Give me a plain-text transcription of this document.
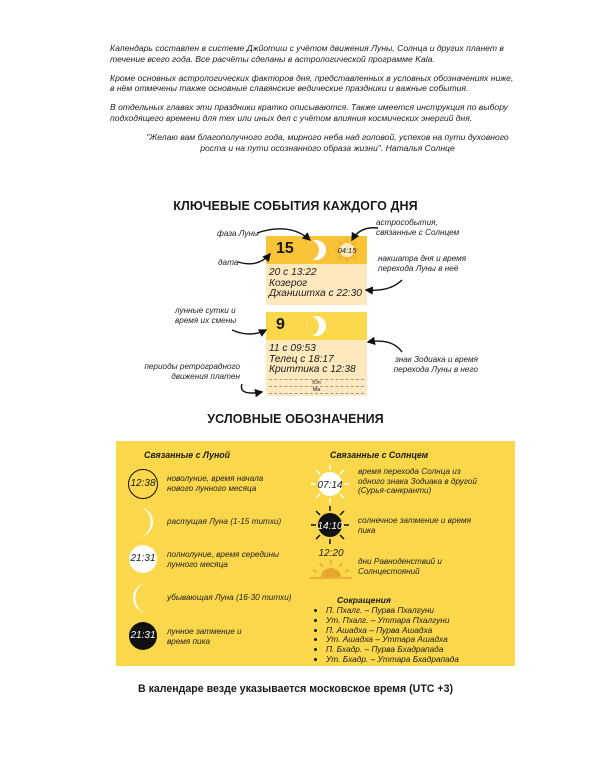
Календарь составлен в системе Джйотиш с учётом движения Луны, Солнца и других планет в течение всего года. Все расчёты сделаны в астрологической программе Kala.

Кроме основных астрологических факторов дня, представленных в условных обозначениях ниже, в нём отмечены также основные славянские ведические праздники и важные события.

В отдельных главах эти праздники кратко описываются. Также имеется инструкция по выбору подходящего времени для тех или иных дел с учётом влияния космических энергий дня.

"Желаю вам благополучного года, мирного неба над головой, успехов на пути духовного роста и на пути осознанного образа жизни". Наталья Солнце

КЛЮЧЕВЫЕ СОБЫТИЯ КАЖДОГО ДНЯ
фаза Луны
дата
лунные сутки и время их смены
периоды ретроградного движения платен
астрособытия, связанные с Солнцем
накшатра дня и время перехода Луны в неё
знак Зодиака и время перехода Луны в него
15	04:15
20 с 13:22
Козерог
Дхаништха с 22:30
9
11 с 09:53
Телец с 18:17
Криттика с 12:38
Юп
Ма
УСЛОВНЫЕ ОБОЗНАЧЕНИЯ
Связанные с Луной	Связанные с Солнцем
12:38	новолуние, время начала нового лунного месяца
растущая Луна (1-15 титхи)
21:31 полнолуние, время середины лунного месяца
убывающая Луна (16-30 титхи)
21:31 лунное затмение и время пика
07:14
время перехода Солнца из одного знака Зодиака в другой (Сурья-санкранти)
14:10
солнечное затмение и время пика
12:20
дни Равноденствий и Солнцестояний
Сокращения
• П. Пхалг. – Пурва Пхалгуни
• Ут. Пхалг. – Уттара Пхалгуни
• П. Ашадха – Пурва Ашадха
• Ут. Ашадха – Уттара Ашадха
• П. Бхадр. – Пурва Бхадрапада
• Ут. Бхадр. – Уттара Бхадрапада
В календаре везде указывается московское время (UTC +3)
